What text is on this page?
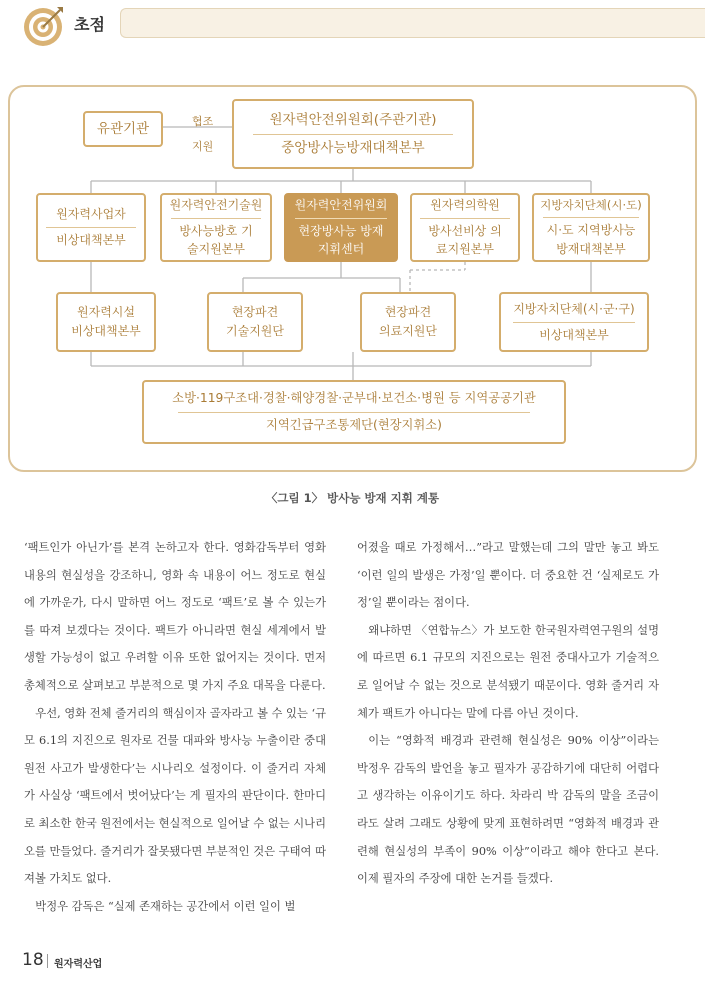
초점
유관기관	협조
지원
원자력안전위원회(주관기관)
중앙방사능방재대책본부
원자력사업자
비상대책본부
원자력안전기술원
방사능방호 기술지원본부
원자력안전위원회
현장방사능 방재지휘센터
원자력의학원
방사선비상 의료지원본부
지방자치단체(시·도)
시·도 지역방사능 방재대책본부
원자력시설
비상대책본부
현장파견
기술지원단
현장파견
의료지원단
지방자치단체(시·군·구)
비상대책본부
소방·119구조대·경찰·해양경찰·군부대·보건소·병원 등 지역공공기관
지역긴급구조통제단(현장지휘소)
〈그림 1〉 방사능 방재 지휘 계통

‘팩트인가 아닌가’를 본격 논하고자 한다. 영화감독부터 영화 내용의 현실성을 강조하니, 영화 속 내용이 어느 정도로 현실에 가까운가, 다시 말하면 어느 정도로 ‘팩트’로 볼 수 있는가를 따져 보겠다는 것이다. 팩트가 아니라면 현실 세계에서 발생할 가능성이 없고 우려할 이유 또한 없어지는 것이다. 먼저 총체적으로 살펴보고 부분적으로 몇 가지 주요 대목을 다룬다.

우선, 영화 전체 줄거리의 핵심이자 골자라고 볼 수 있는 ‘규모 6.1의 지진으로 원자로 건물 대파와 방사능 누출이란 중대 원전 사고가 발생한다’는 시나리오 설정이다. 이 줄거리 자체가 사실상 ‘팩트에서 벗어났다’는 게 필자의 판단이다. 한마디로 최소한 한국 원전에서는 현실적으로 일어날 수 없는 시나리오를 만들었다. 줄거리가 잘못됐다면 부분적인 것은 구태여 따져볼 가치도 없다.

박정우 감독은 “실제 존재하는 공간에서 이런 일이 벌

어졌을 때로 가정해서…”라고 말했는데 그의 말만 놓고 봐도 ‘이런 일의 발생은 가정’일 뿐이다. 더 중요한 건 ‘실제로도 가정’일 뿐이라는 점이다.

왜냐하면 〈연합뉴스〉가 보도한 한국원자력연구원의 설명에 따르면 6.1 규모의 지진으로는 원전 중대사고가 기술적으로 일어날 수 없는 것으로 분석됐기 때문이다. 영화 줄거리 자체가 팩트가 아니다는 말에 다름 아닌 것이다.

이는 “영화적 배경과 관련해 현실성은 90% 이상”이라는 박정우 감독의 발언을 놓고 필자가 공감하기에 대단히 어렵다고 생각하는 이유이기도 하다. 차라리 박 감독의 말을 조금이라도 살려 그래도 상황에 맞게 표현하려면 “영화적 배경과 관련해 현실성의 부족이 90% 이상”이라고 해야 한다고 본다. 이제 필자의 주장에 대한 논거를 들겠다.

18 원자력산업
